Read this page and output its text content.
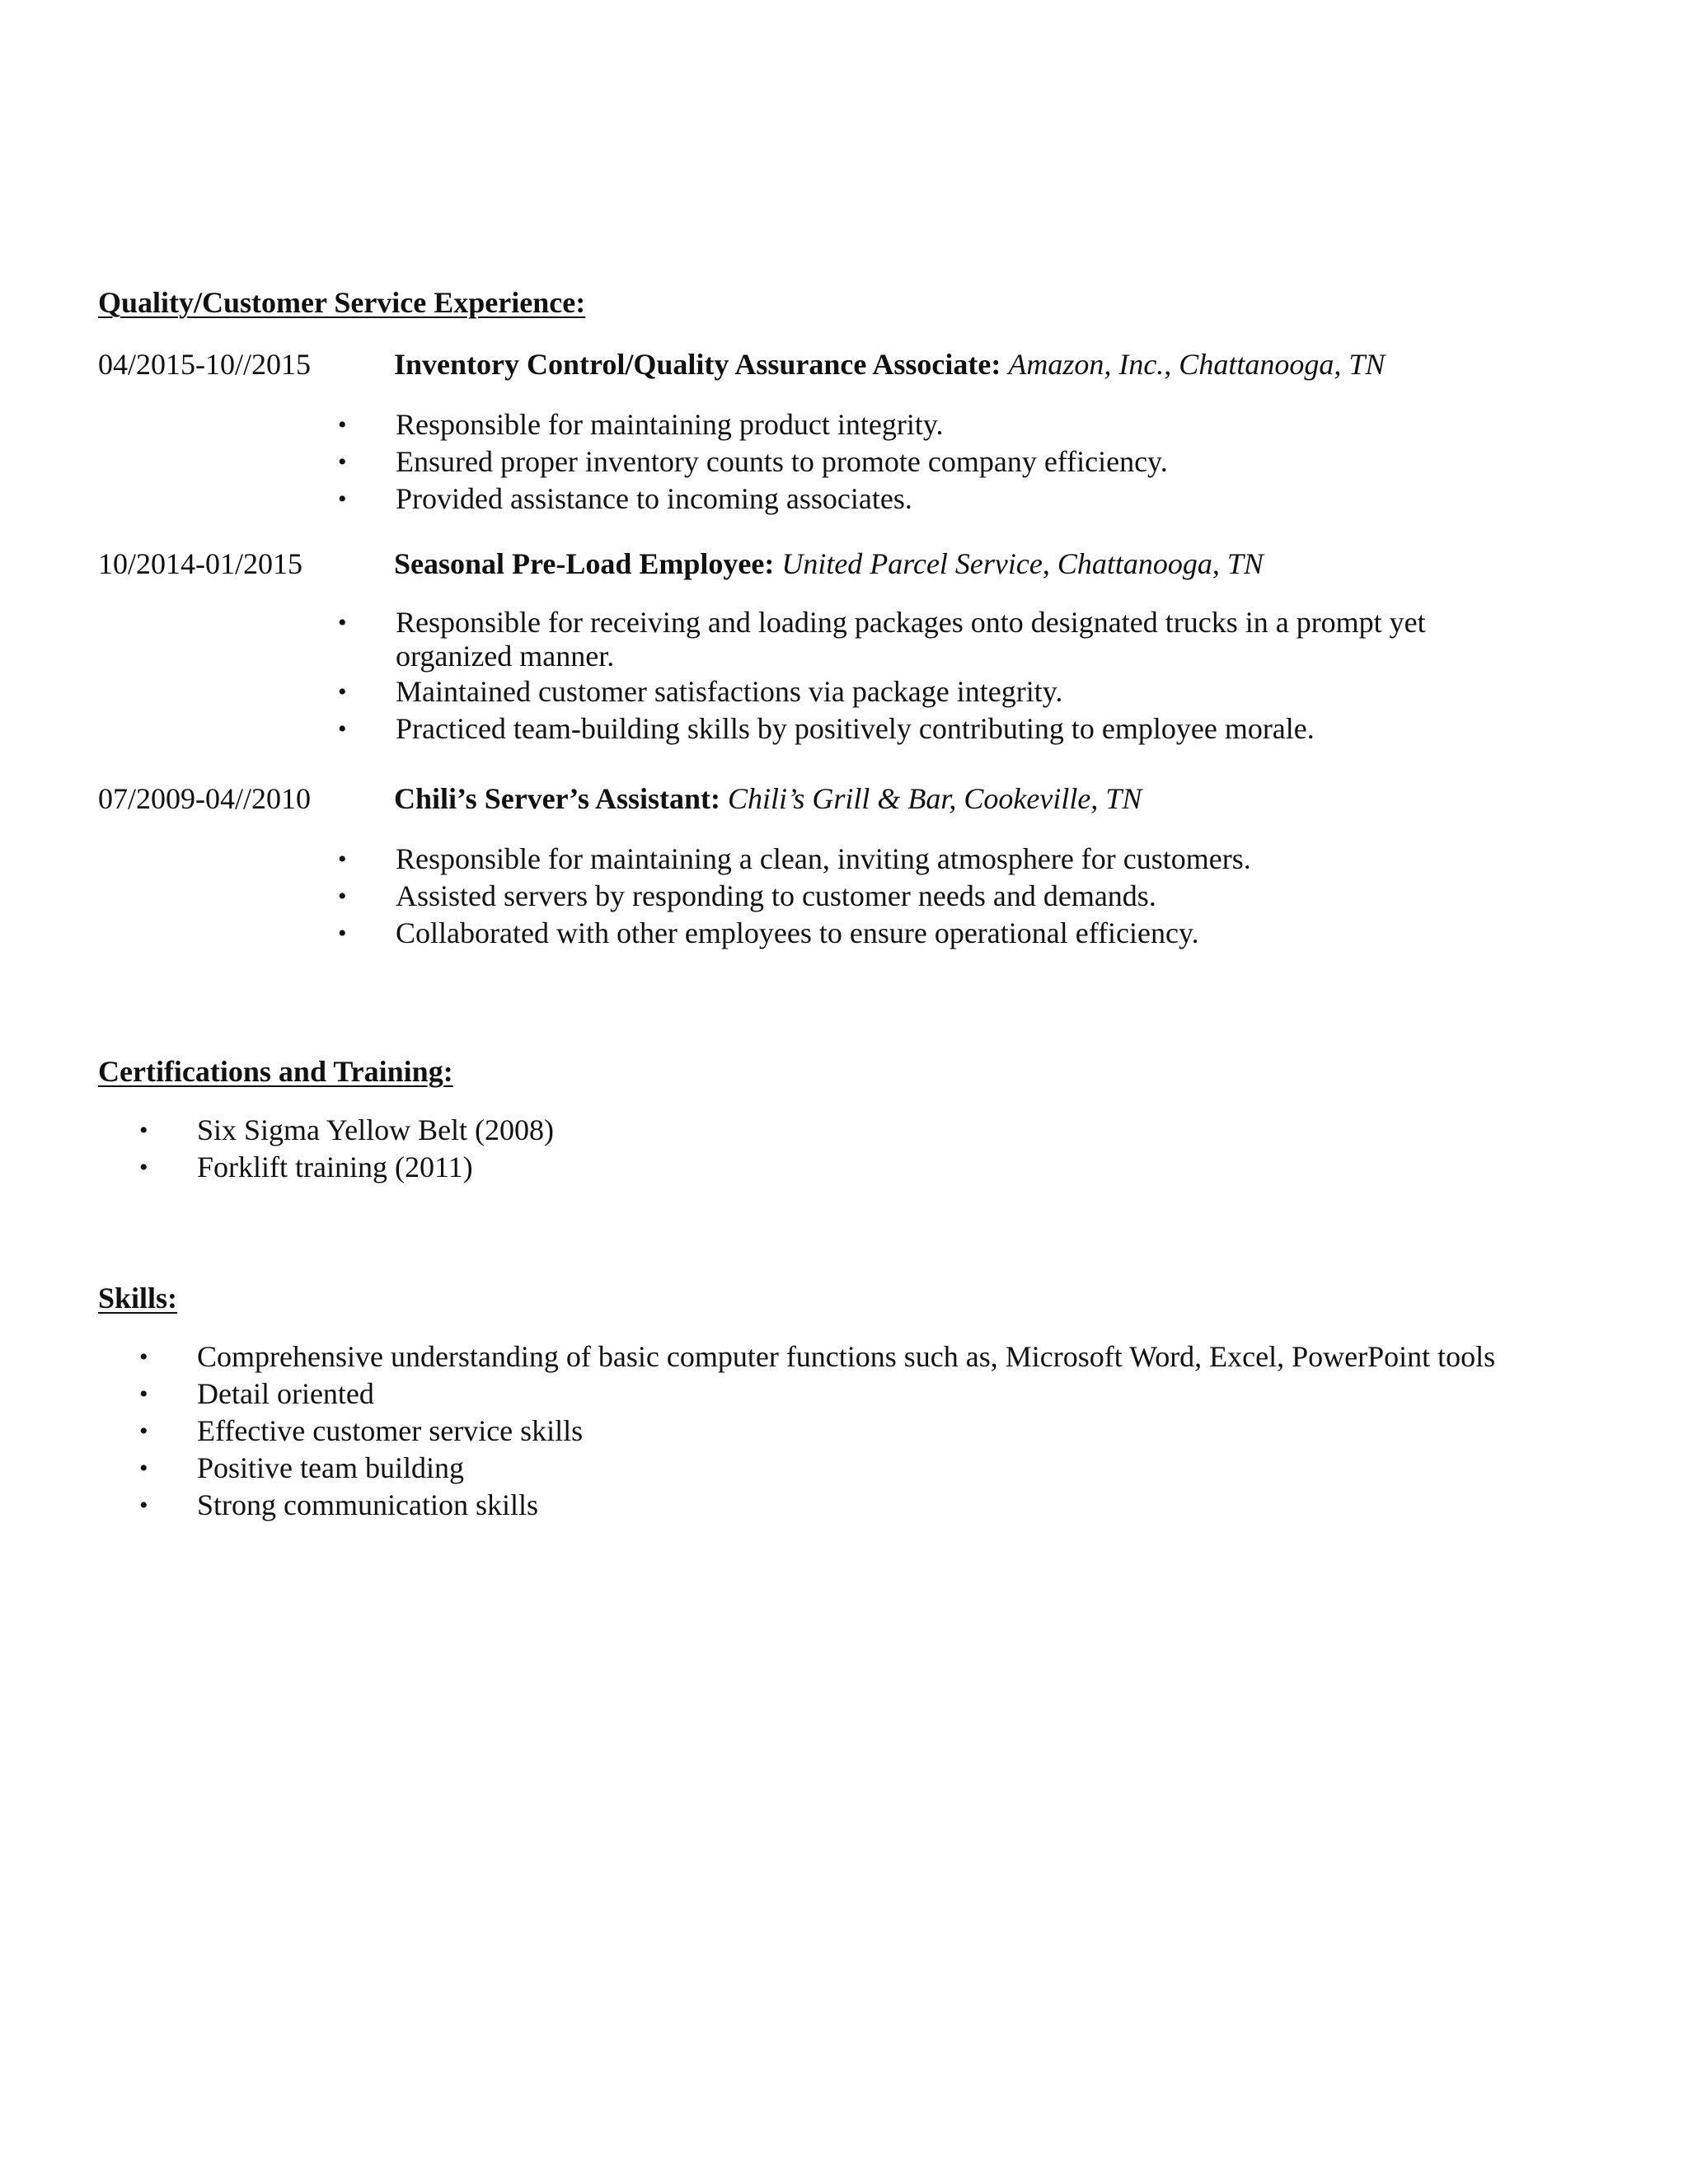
Quality/Customer Service Experience:
04/2015-10//2015	Inventory Control/Quality Assurance Associate: Amazon, Inc., Chattanooga, TN
• Responsible for maintaining product integrity.
• Ensured proper inventory counts to promote company efficiency.
• Provided assistance to incoming associates.
10/2014-01/2015	Seasonal Pre-Load Employee: United Parcel Service, Chattanooga, TN
• Responsible for receiving and loading packages onto designated trucks in a prompt yet organized manner.
• Maintained customer satisfactions via package integrity.
• Practiced team-building skills by positively contributing to employee morale.
07/2009-04//2010	Chili’s Server’s Assistant: Chili’s Grill & Bar, Cookeville, TN
• Responsible for maintaining a clean, inviting atmosphere for customers.
• Assisted servers by responding to customer needs and demands.
• Collaborated with other employees to ensure operational efficiency.
Certifications and Training:
• Six Sigma Yellow Belt (2008)
• Forklift training (2011)
Skills:
• Comprehensive understanding of basic computer functions such as, Microsoft Word, Excel, PowerPoint tools
• Detail oriented
• Effective customer service skills
• Positive team building
• Strong communication skills
